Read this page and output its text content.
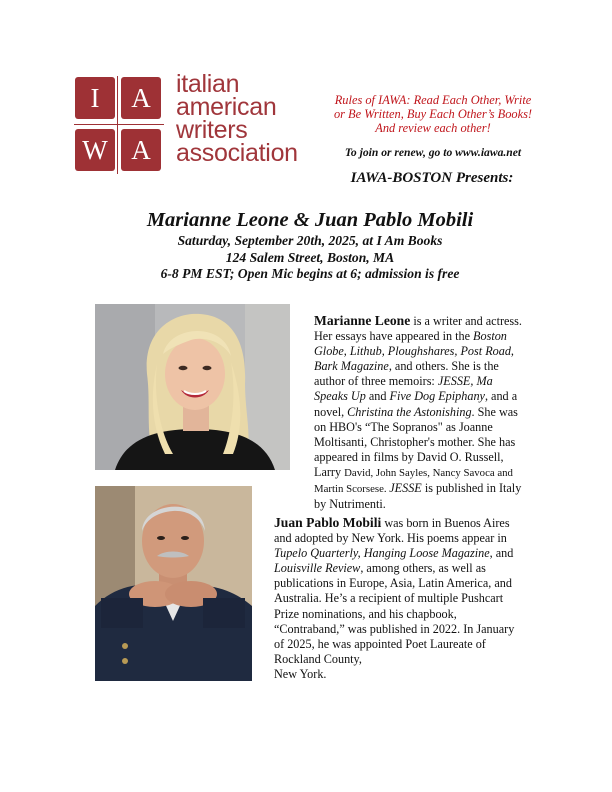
I	A
W A
italian
american
writers
association
Rules of IAWA: Read Each Other, Write
or Be Written, Buy Each Other’s Books!
And review each other!
To join or renew, go to www.iawa.net
IAWA-BOSTON Presents:
Marianne Leone & Juan Pablo Mobili
Saturday, September 20th, 2025, at I Am Books
124 Salem Street, Boston, MA
6-8 PM EST; Open Mic begins at 6; admission is free
Marianne Leone is a writer and actress. Her essays have appeared in the Boston Globe, Lithub, Ploughshares, Post Road, Bark Magazine, and others. She is the author of three memoirs: JESSE, Ma Speaks Up and Five Dog Epiphany, and a novel, Christina the Astonishing. She was on HBO's “The Sopranos" as Joanne Moltisanti, Christopher's mother. She has appeared in films by David O. Russell, Larry David, John Sayles, Nancy Savoca and Martin Scorsese. JESSE is published in Italy by Nutrimenti.
Juan Pablo Mobili was born in Buenos Aires and adopted by New York. His poems appear in Tupelo Quarterly, Hanging Loose Magazine, and Louisville Review, among others, as well as publications in Europe, Asia, Latin America, and Australia. He’s a recipient of multiple Pushcart Prize nominations, and his chapbook, “Contraband,” was published in 2022. In January of 2025, he was appointed Poet Laureate of Rockland County,
New York.
